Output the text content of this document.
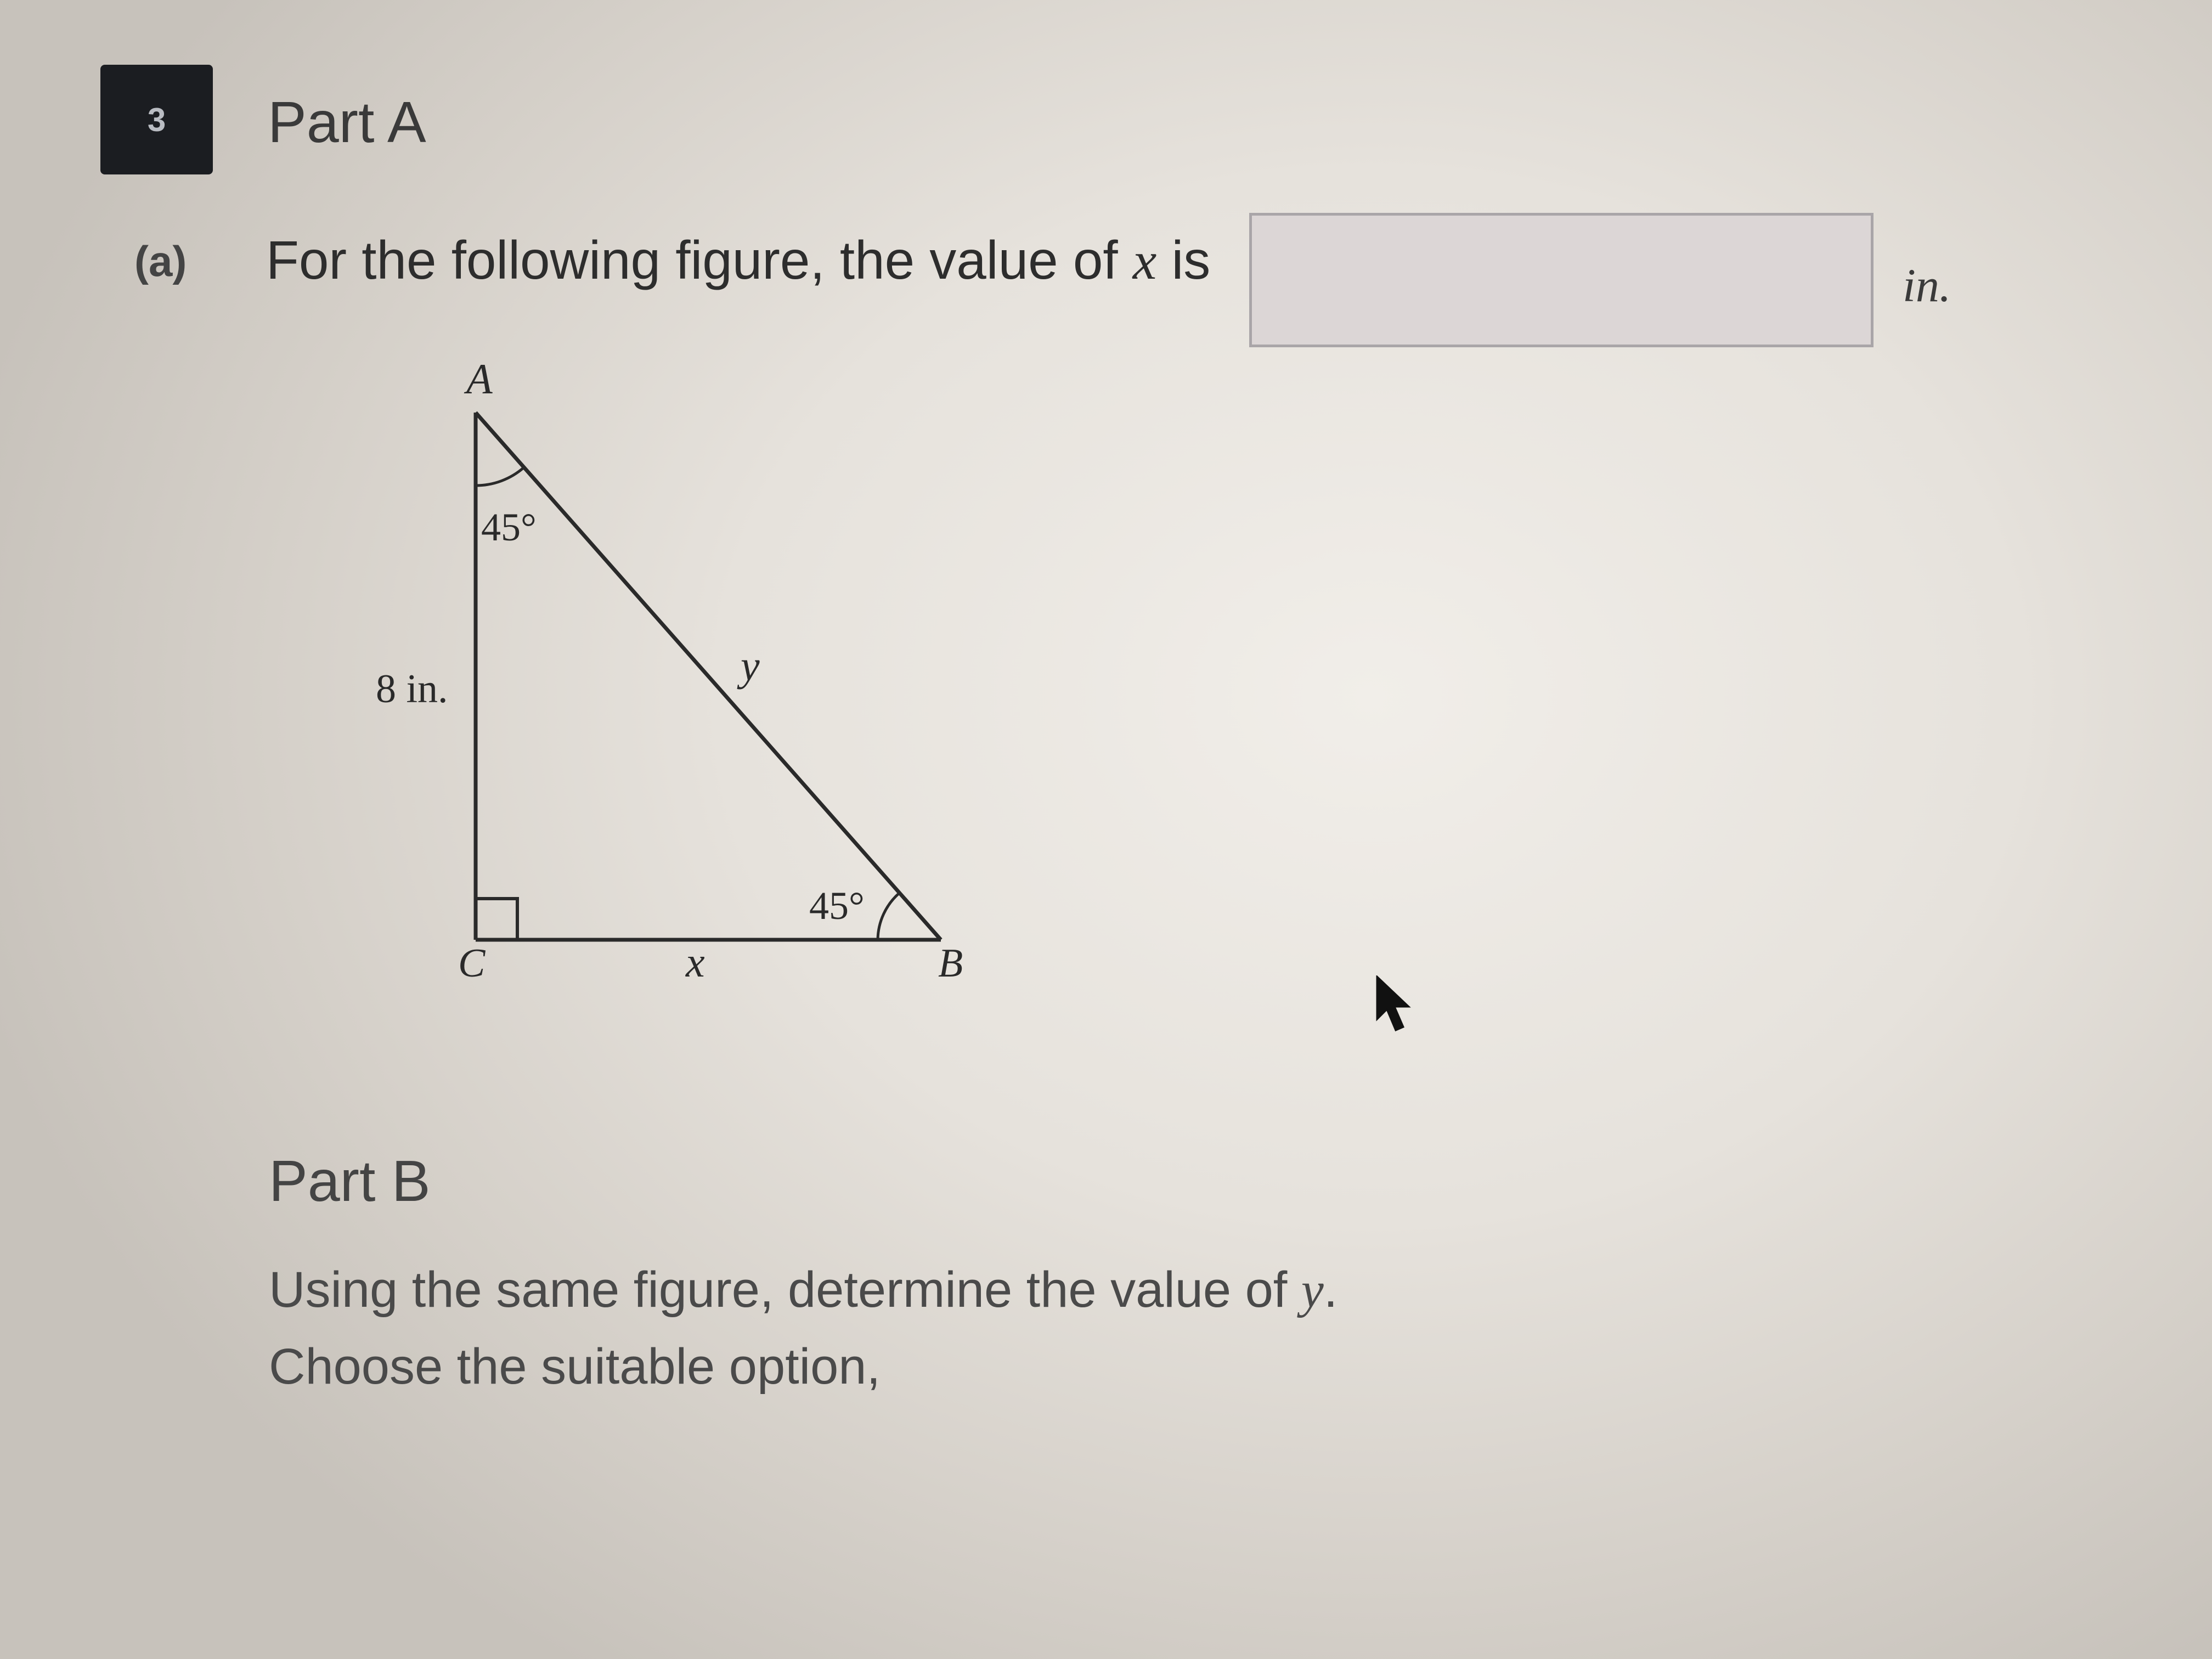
3 Part A
(a) For the following figure, the value of x is	in.
A
B
C
45°
45°
8 in.	y
x
Part B
Using the same figure, determine the value of y.
Choose the suitable option,
